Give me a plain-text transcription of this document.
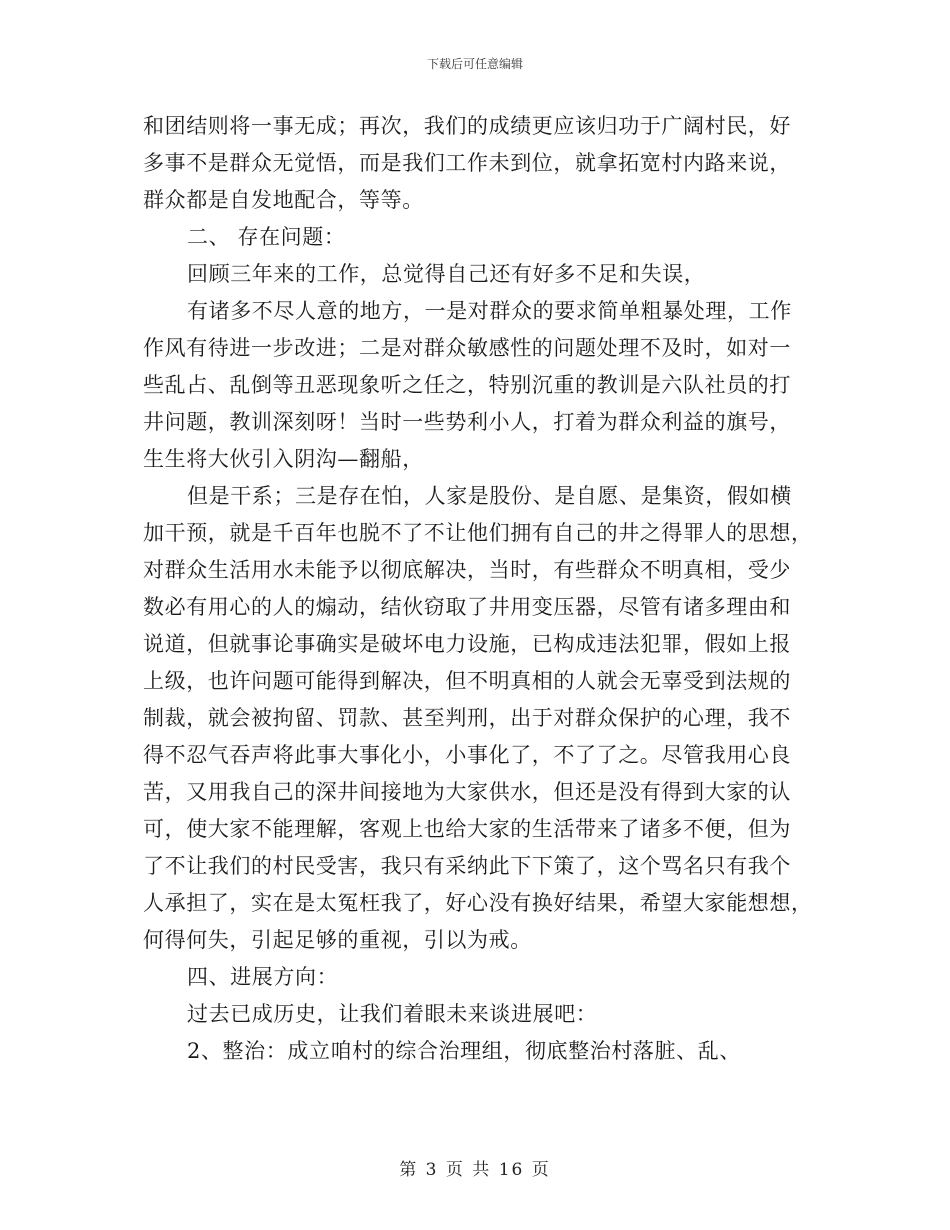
下载后可任意编辑
和团结则将一事无成；再次，我们的成绩更应该归功于广阔村民，好
多事不是群众无觉悟，而是我们工作未到位，就拿拓宽村内路来说，
群众都是自发地配合，等等。
二、 存在问题：
回顾三年来的工作，总觉得自己还有好多不足和失误，
有诸多不尽人意的地方，一是对群众的要求简单粗暴处理，工作
作风有待进一步改进；二是对群众敏感性的问题处理不及时，如对一
些乱占、乱倒等丑恶现象听之任之，特别沉重的教训是六队社员的打
井问题，教训深刻呀！当时一些势利小人，打着为群众利益的旗号，
生生将大伙引入阴沟—翻船，
但是干系；三是存在怕，人家是股份、是自愿、是集资，假如横
加干预，就是千百年也脱不了不让他们拥有自己的井之得罪人的思想，
对群众生活用水未能予以彻底解决，当时，有些群众不明真相，受少
数必有用心的人的煽动，结伙窃取了井用变压器，尽管有诸多理由和
说道，但就事论事确实是破坏电力设施，已构成违法犯罪，假如上报
上级，也许问题可能得到解决，但不明真相的人就会无辜受到法规的
制裁，就会被拘留、罚款、甚至判刑，出于对群众保护的心理，我不
得不忍气吞声将此事大事化小，小事化了，不了了之。尽管我用心良
苦，又用我自己的深井间接地为大家供水，但还是没有得到大家的认
可，使大家不能理解，客观上也给大家的生活带来了诸多不便，但为
了不让我们的村民受害，我只有采纳此下下策了，这个骂名只有我个
人承担了，实在是太冤枉我了，好心没有换好结果，希望大家能想想，
何得何失，引起足够的重视，引以为戒。
四、进展方向：
过去已成历史，让我们着眼未来谈进展吧：
2、整治：成立咱村的综合治理组，彻底整治村落脏、乱、
第 3 页 共 16 页
